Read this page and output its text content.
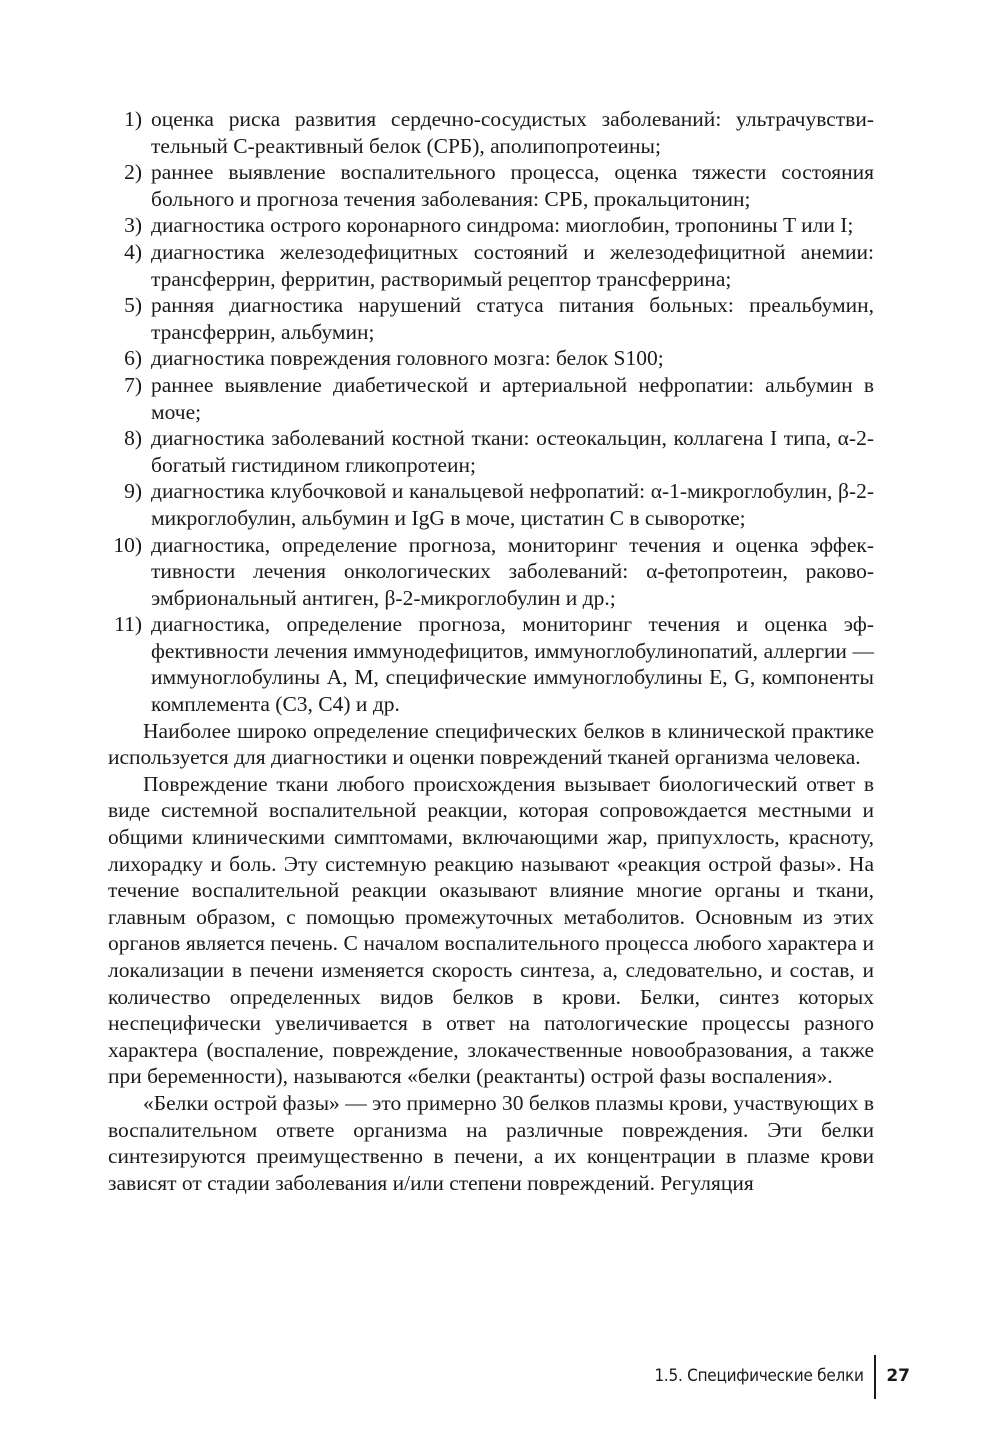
1) оценка риска развития сердечно-сосудистых заболеваний: ультрачувствительный С-реактивный белок (СРБ), аполипопротеины;
2) раннее выявление воспалительного процесса, оценка тяжести состояния больного и прогноза течения заболевания: СРБ, прокальцитонин;
3) диагностика острого коронарного синдрома: миоглобин, тропонины T или I;
4) диагностика железодефицитных состояний и железодефицитной анемии: трансферрин, ферритин, растворимый рецептор трансферрина;
5) ранняя диагностика нарушений статуса питания больных: преальбумин, трансферрин, альбумин;
6) диагностика повреждения головного мозга: белок S100;
7) раннее выявление диабетической и артериальной нефропатии: альбумин в моче;
8) диагностика заболеваний костной ткани: остеокальцин, коллагена I типа, α-2-богатый гистидином гликопротеин;
9) диагностика клубочковой и канальцевой нефропатий: α-1-микроглобулин, β-2-микроглобулин, альбумин и IgG в моче, цистатин С в сыворотке;
10) диагностика, определение прогноза, мониторинг течения и оценка эффективности лечения онкологических заболеваний: α-фетопротеин, раковоэмбриональный антиген, β-2-микроглобулин и др.;
11) диагностика, определение прогноза, мониторинг течения и оценка эффективности лечения иммунодефицитов, иммуноглобулинопатий, аллергии — иммуноглобулины A, M, специфические иммуноглобулины E, G, компоненты комплемента (С3, С4) и др.

Наиболее широко определение специфических белков в клинической практике используется для диагностики и оценки повреждений тканей организма человека.

Повреждение ткани любого происхождения вызывает биологический ответ в виде системной воспалительной реакции, которая сопровождается местными и общими клиническими симптомами, включающими жар, припухлость, красноту, лихорадку и боль. Эту системную реакцию называют «реакция острой фазы». На течение воспалительной реакции оказывают влияние многие органы и ткани, главным образом, с помощью промежуточных метаболитов. Основным из этих органов является печень. С началом воспалительного процесса любого характера и локализации в печени изменяется скорость синтеза, а, следовательно, и состав, и количество определенных видов белков в крови. Белки, синтез которых неспецифически увеличивается в ответ на патологические процессы разного характера (воспаление, повреждение, злокачественные новообразования, а также при беременности), называются «белки (реактанты) острой фазы воспаления».

«Белки острой фазы» — это примерно 30 белков плазмы крови, участвующих в воспалительном ответе организма на различные повреждения. Эти белки синтезируются преимущественно в печени, а их концентрации в плазме крови зависят от стадии заболевания и/или степени повреждений. Регуляция

1.5. Специфические белки	27
